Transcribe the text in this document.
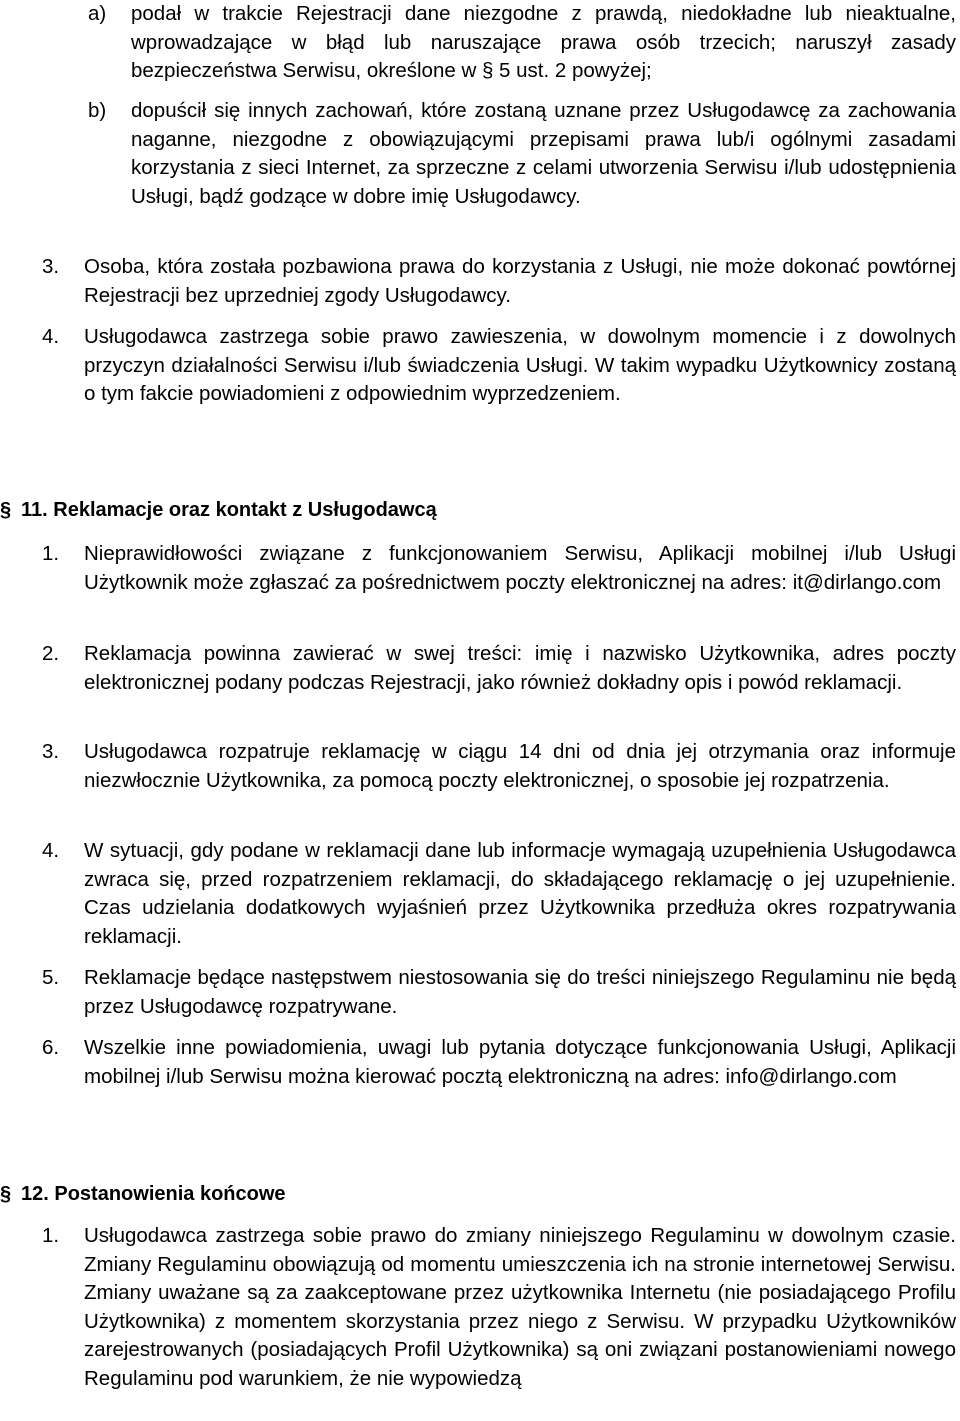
a) podał w trakcie Rejestracji dane niezgodne z prawdą, niedokładne lub nieaktualne, wprowadzające w błąd lub naruszające prawa osób trzecich; naruszył zasady bezpieczeństwa Serwisu, określone w § 5 ust. 2 powyżej;
b) dopuścił się innych zachowań, które zostaną uznane przez Usługodawcę za zachowania naganne, niezgodne z obowiązującymi przepisami prawa lub/i ogólnymi zasadami korzystania z sieci Internet, za sprzeczne z celami utworzenia Serwisu i/lub udostępnienia Usługi, bądź godzące w dobre imię Usługodawcy.
3. Osoba, która została pozbawiona prawa do korzystania z Usługi, nie może dokonać powtórnej Rejestracji bez uprzedniej zgody Usługodawcy.
4. Usługodawca zastrzega sobie prawo zawieszenia, w dowolnym momencie i z dowolnych przyczyn działalności Serwisu i/lub świadczenia Usługi. W takim wypadku Użytkownicy zostaną o tym fakcie powiadomieni z odpowiednim wyprzedzeniem.
§ 11. Reklamacje oraz kontakt z Usługodawcą
1. Nieprawidłowości związane z funkcjonowaniem Serwisu, Aplikacji mobilnej i/lub Usługi Użytkownik może zgłaszać za pośrednictwem poczty elektronicznej na adres: it@dirlango.com
2. Reklamacja powinna zawierać w swej treści: imię i nazwisko Użytkownika, adres poczty elektronicznej podany podczas Rejestracji, jako również dokładny opis i powód reklamacji.
3. Usługodawca rozpatruje reklamację w ciągu 14 dni od dnia jej otrzymania oraz informuje niezwłocznie Użytkownika, za pomocą poczty elektronicznej, o sposobie jej rozpatrzenia.
4. W sytuacji, gdy podane w reklamacji dane lub informacje wymagają uzupełnienia Usługodawca zwraca się, przed rozpatrzeniem reklamacji, do składającego reklamację o jej uzupełnienie. Czas udzielania dodatkowych wyjaśnień przez Użytkownika przedłuża okres rozpatrywania reklamacji.
5. Reklamacje będące następstwem niestosowania się do treści niniejszego Regulaminu nie będą przez Usługodawcę rozpatrywane.
6. Wszelkie inne powiadomienia, uwagi lub pytania dotyczące funkcjonowania Usługi, Aplikacji mobilnej i/lub Serwisu można kierować pocztą elektroniczną na adres: info@dirlango.com
§ 12. Postanowienia końcowe
1. Usługodawca zastrzega sobie prawo do zmiany niniejszego Regulaminu w dowolnym czasie. Zmiany Regulaminu obowiązują od momentu umieszczenia ich na stronie internetowej Serwisu. Zmiany uważane są za zaakceptowane przez użytkownika Internetu (nie posiadającego Profilu Użytkownika) z momentem skorzystania przez niego z Serwisu. W przypadku Użytkowników zarejestrowanych (posiadających Profil Użytkownika) są oni związani postanowieniami nowego Regulaminu pod warunkiem, że nie wypowiedzą
